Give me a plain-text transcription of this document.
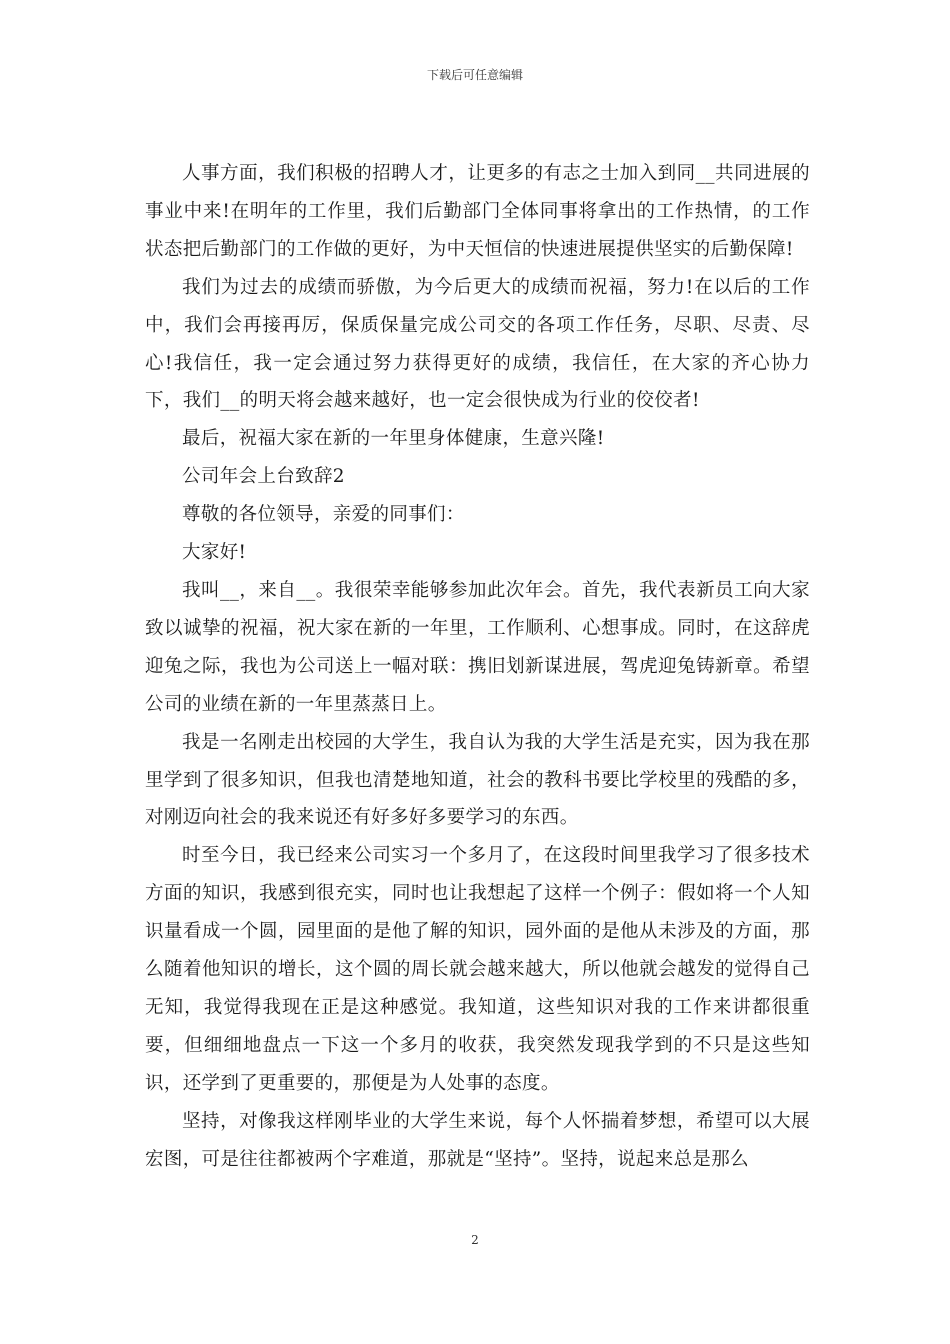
下载后可任意编辑

人事方面，我们积极的招聘人才，让更多的有志之士加入到同__共同进展的事业中来!在明年的工作里，我们后勤部门全体同事将拿出的工作热情，的工作状态把后勤部门的工作做的更好，为中天恒信的快速进展提供坚实的后勤保障!

我们为过去的成绩而骄傲，为今后更大的成绩而祝福，努力!在以后的工作中，我们会再接再厉，保质保量完成公司交的各项工作任务，尽职、尽责、尽心!我信任，我一定会通过努力获得更好的成绩，我信任，在大家的齐心协力下，我们__的明天将会越来越好，也一定会很快成为行业的佼佼者!

最后，祝福大家在新的一年里身体健康，生意兴隆!

公司年会上台致辞2

尊敬的各位领导，亲爱的同事们：

大家好!

我叫__，来自__。我很荣幸能够参加此次年会。首先，我代表新员工向大家致以诚挚的祝福，祝大家在新的一年里，工作顺利、心想事成。同时，在这辞虎迎兔之际，我也为公司送上一幅对联：携旧划新谋进展，驾虎迎兔铸新章。希望公司的业绩在新的一年里蒸蒸日上。

我是一名刚走出校园的大学生，我自认为我的大学生活是充实，因为我在那里学到了很多知识，但我也清楚地知道，社会的教科书要比学校里的残酷的多，对刚迈向社会的我来说还有好多好多要学习的东西。

时至今日，我已经来公司实习一个多月了，在这段时间里我学习了很多技术方面的知识，我感到很充实，同时也让我想起了这样一个例子：假如将一个人知识量看成一个圆，园里面的是他了解的知识，园外面的是他从未涉及的方面，那么随着他知识的增长，这个圆的周长就会越来越大，所以他就会越发的觉得自己无知，我觉得我现在正是这种感觉。我知道，这些知识对我的工作来讲都很重要，但细细地盘点一下这一个多月的收获，我突然发现我学到的不只是这些知识，还学到了更重要的，那便是为人处事的态度。

坚持，对像我这样刚毕业的大学生来说，每个人怀揣着梦想，希望可以大展宏图，可是往往都被两个字难道，那就是“坚持”。坚持，说起来总是那么

2
